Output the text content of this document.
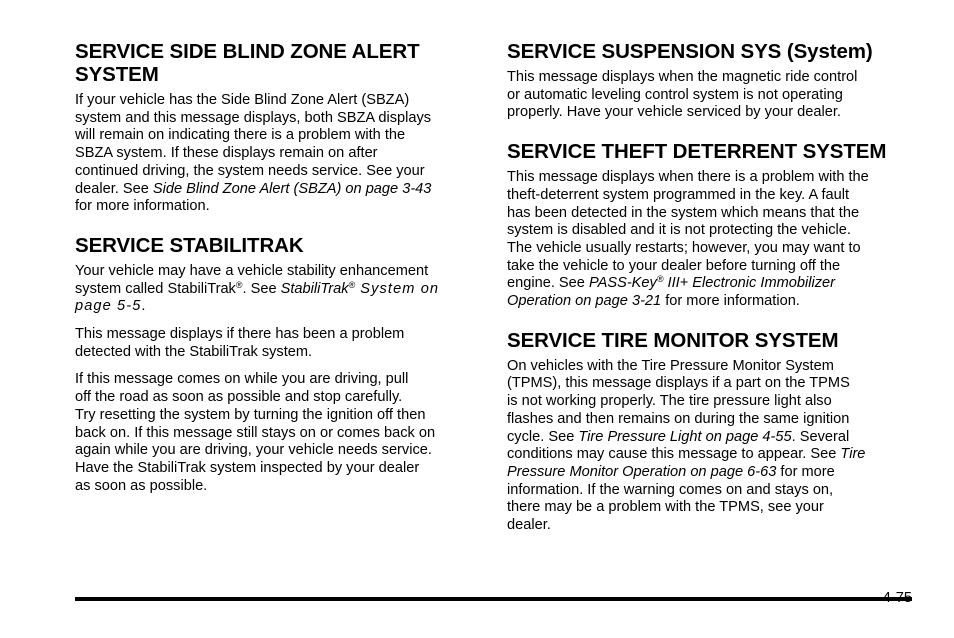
SERVICE SIDE BLIND ZONE ALERT SYSTEM

If your vehicle has the Side Blind Zone Alert (SBZA)
system and this message displays, both SBZA displays
will remain on indicating there is a problem with the
SBZA system. If these displays remain on after
continued driving, the system needs service. See your
dealer. See Side Blind Zone Alert (SBZA) on page 3-43
for more information.

SERVICE STABILITRAK

Your vehicle may have a vehicle stability enhancement
system called StabiliTrak®. See StabiliTrak® System on
page 5-5.

This message displays if there has been a problem
detected with the StabiliTrak system.

If this message comes on while you are driving, pull
off the road as soon as possible and stop carefully.
Try resetting the system by turning the ignition off then
back on. If this message still stays on or comes back on
again while you are driving, your vehicle needs service.
Have the StabiliTrak system inspected by your dealer
as soon as possible.

SERVICE SUSPENSION SYS (System)

This message displays when the magnetic ride control
or automatic leveling control system is not operating
properly. Have your vehicle serviced by your dealer.

SERVICE THEFT DETERRENT SYSTEM

This message displays when there is a problem with the
theft-deterrent system programmed in the key. A fault
has been detected in the system which means that the
system is disabled and it is not protecting the vehicle.
The vehicle usually restarts; however, you may want to
take the vehicle to your dealer before turning off the
engine. See PASS-Key® III+ Electronic Immobilizer
Operation on page 3-21 for more information.

SERVICE TIRE MONITOR SYSTEM

On vehicles with the Tire Pressure Monitor System
(TPMS), this message displays if a part on the TPMS
is not working properly. The tire pressure light also
flashes and then remains on during the same ignition
cycle. See Tire Pressure Light on page 4-55. Several
conditions may cause this message to appear. See Tire
Pressure Monitor Operation on page 6-63 for more
information. If the warning comes on and stays on,
there may be a problem with the TPMS, see your
dealer.

4-75
